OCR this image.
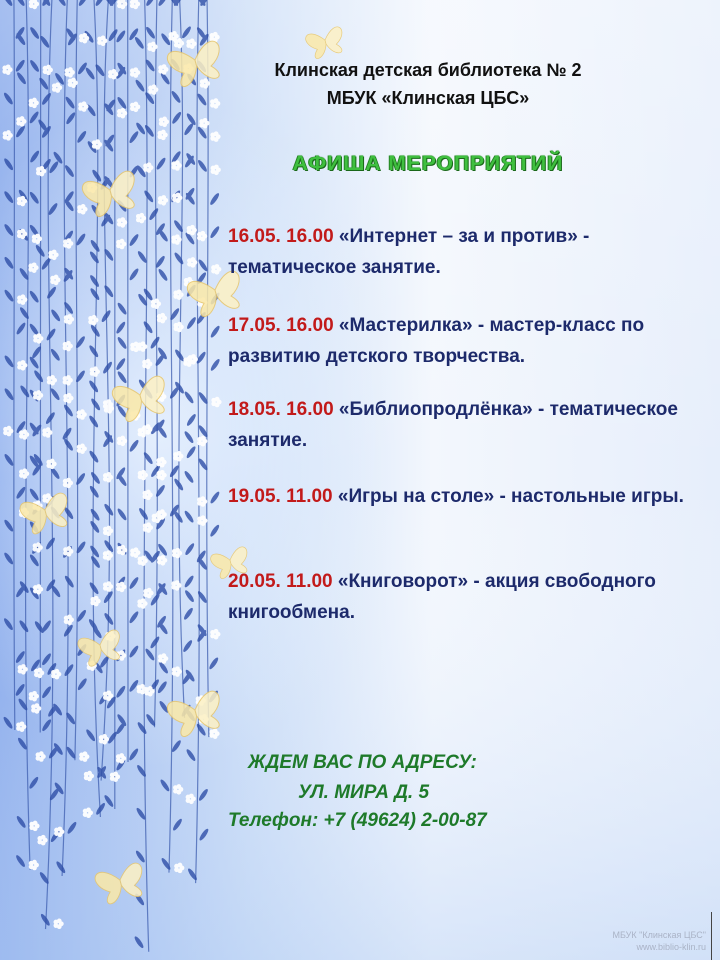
Клинская детская библиотека № 2
МБУК «Клинская ЦБС»
АФИША МЕРОПРИЯТИЙ
16.05. 16.00 «Интернет – за и против» - тематическое занятие.
17.05. 16.00 «Мастерилка» - мастер-класс по развитию детского творчества.
18.05. 16.00 «Библиопродлёнка» - тематическое занятие.
19.05. 11.00 «Игры на столе» - настольные игры.
20.05. 11.00 «Книговорот» - акция свободного книгообмена.
ЖДЕМ ВАС ПО АДРЕСУ:
УЛ. МИРА Д. 5
Телефон: +7 (49624) 2-00-87
МБУК "Клинская ЦБС"
www.biblio-klin.ru
